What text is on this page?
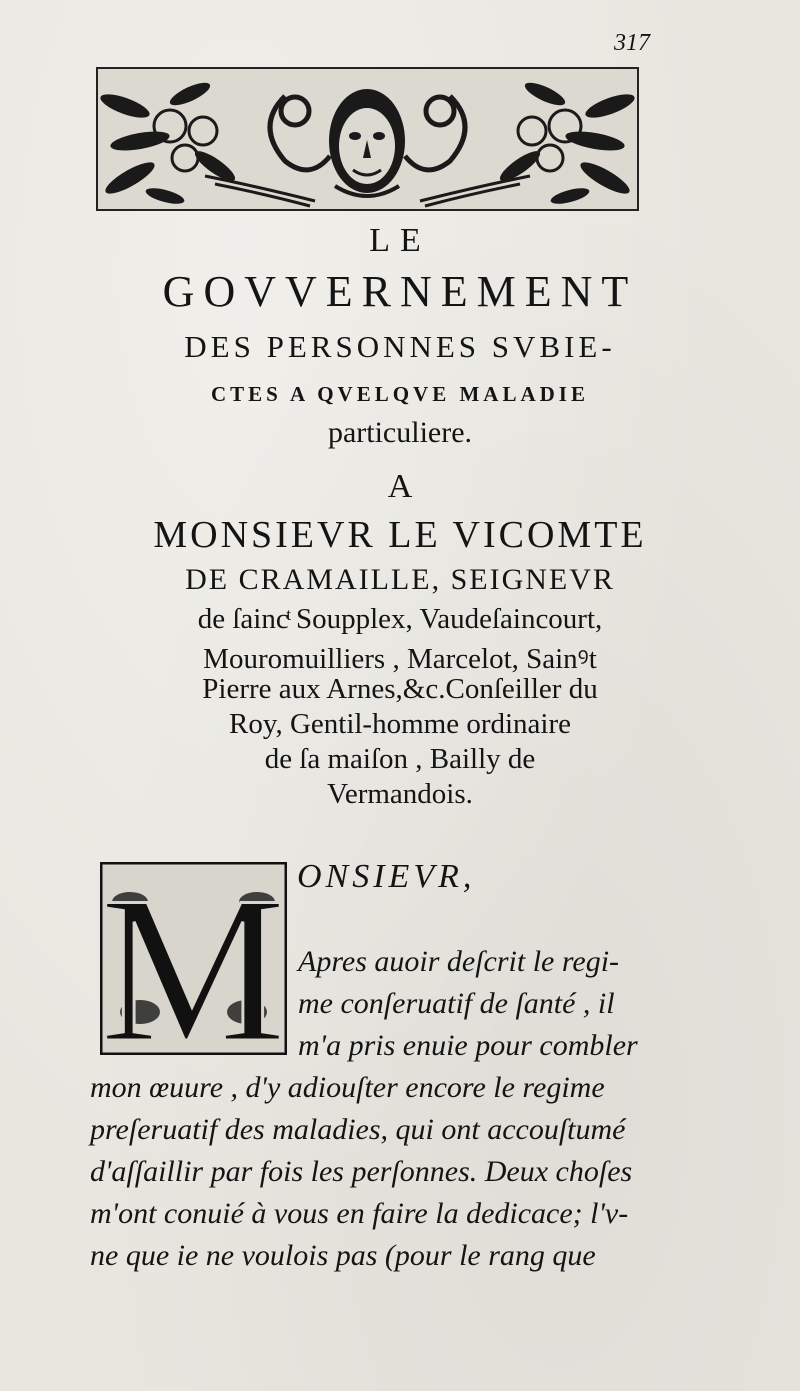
317
LE
GOVVERNEMENT
DES PERSONNES SVBIE-
CTES A QVELQVE MALADIE
particuliere.
A
MONSIEVR LE VICOMTE
DE CRAMAILLE, SEIGNEVR
de ſaincͭ Soupplex, Vaudeſaincourt,
Mouromuilliers , Marcelot, Sainꝰt
Pierre aux Arnes,&c.Conſeiller du
Roy, Gentil-homme ordinaire
de ſa maiſon , Bailly de
Vermandois.
M ONSIEVR,
Apres auoir deſcrit le regi-
me conſeruatif de ſanté , il
m'a pris enuie pour combler
mon œuure , d'y adiouſter encore le regime
preſeruatif des maladies, qui ont accouſtumé
d'aſſaillir par fois les perſonnes. Deux choſes
m'ont conuié à vous en faire la dedicace; l'v-
ne que ie ne voulois pas (pour le rang que
